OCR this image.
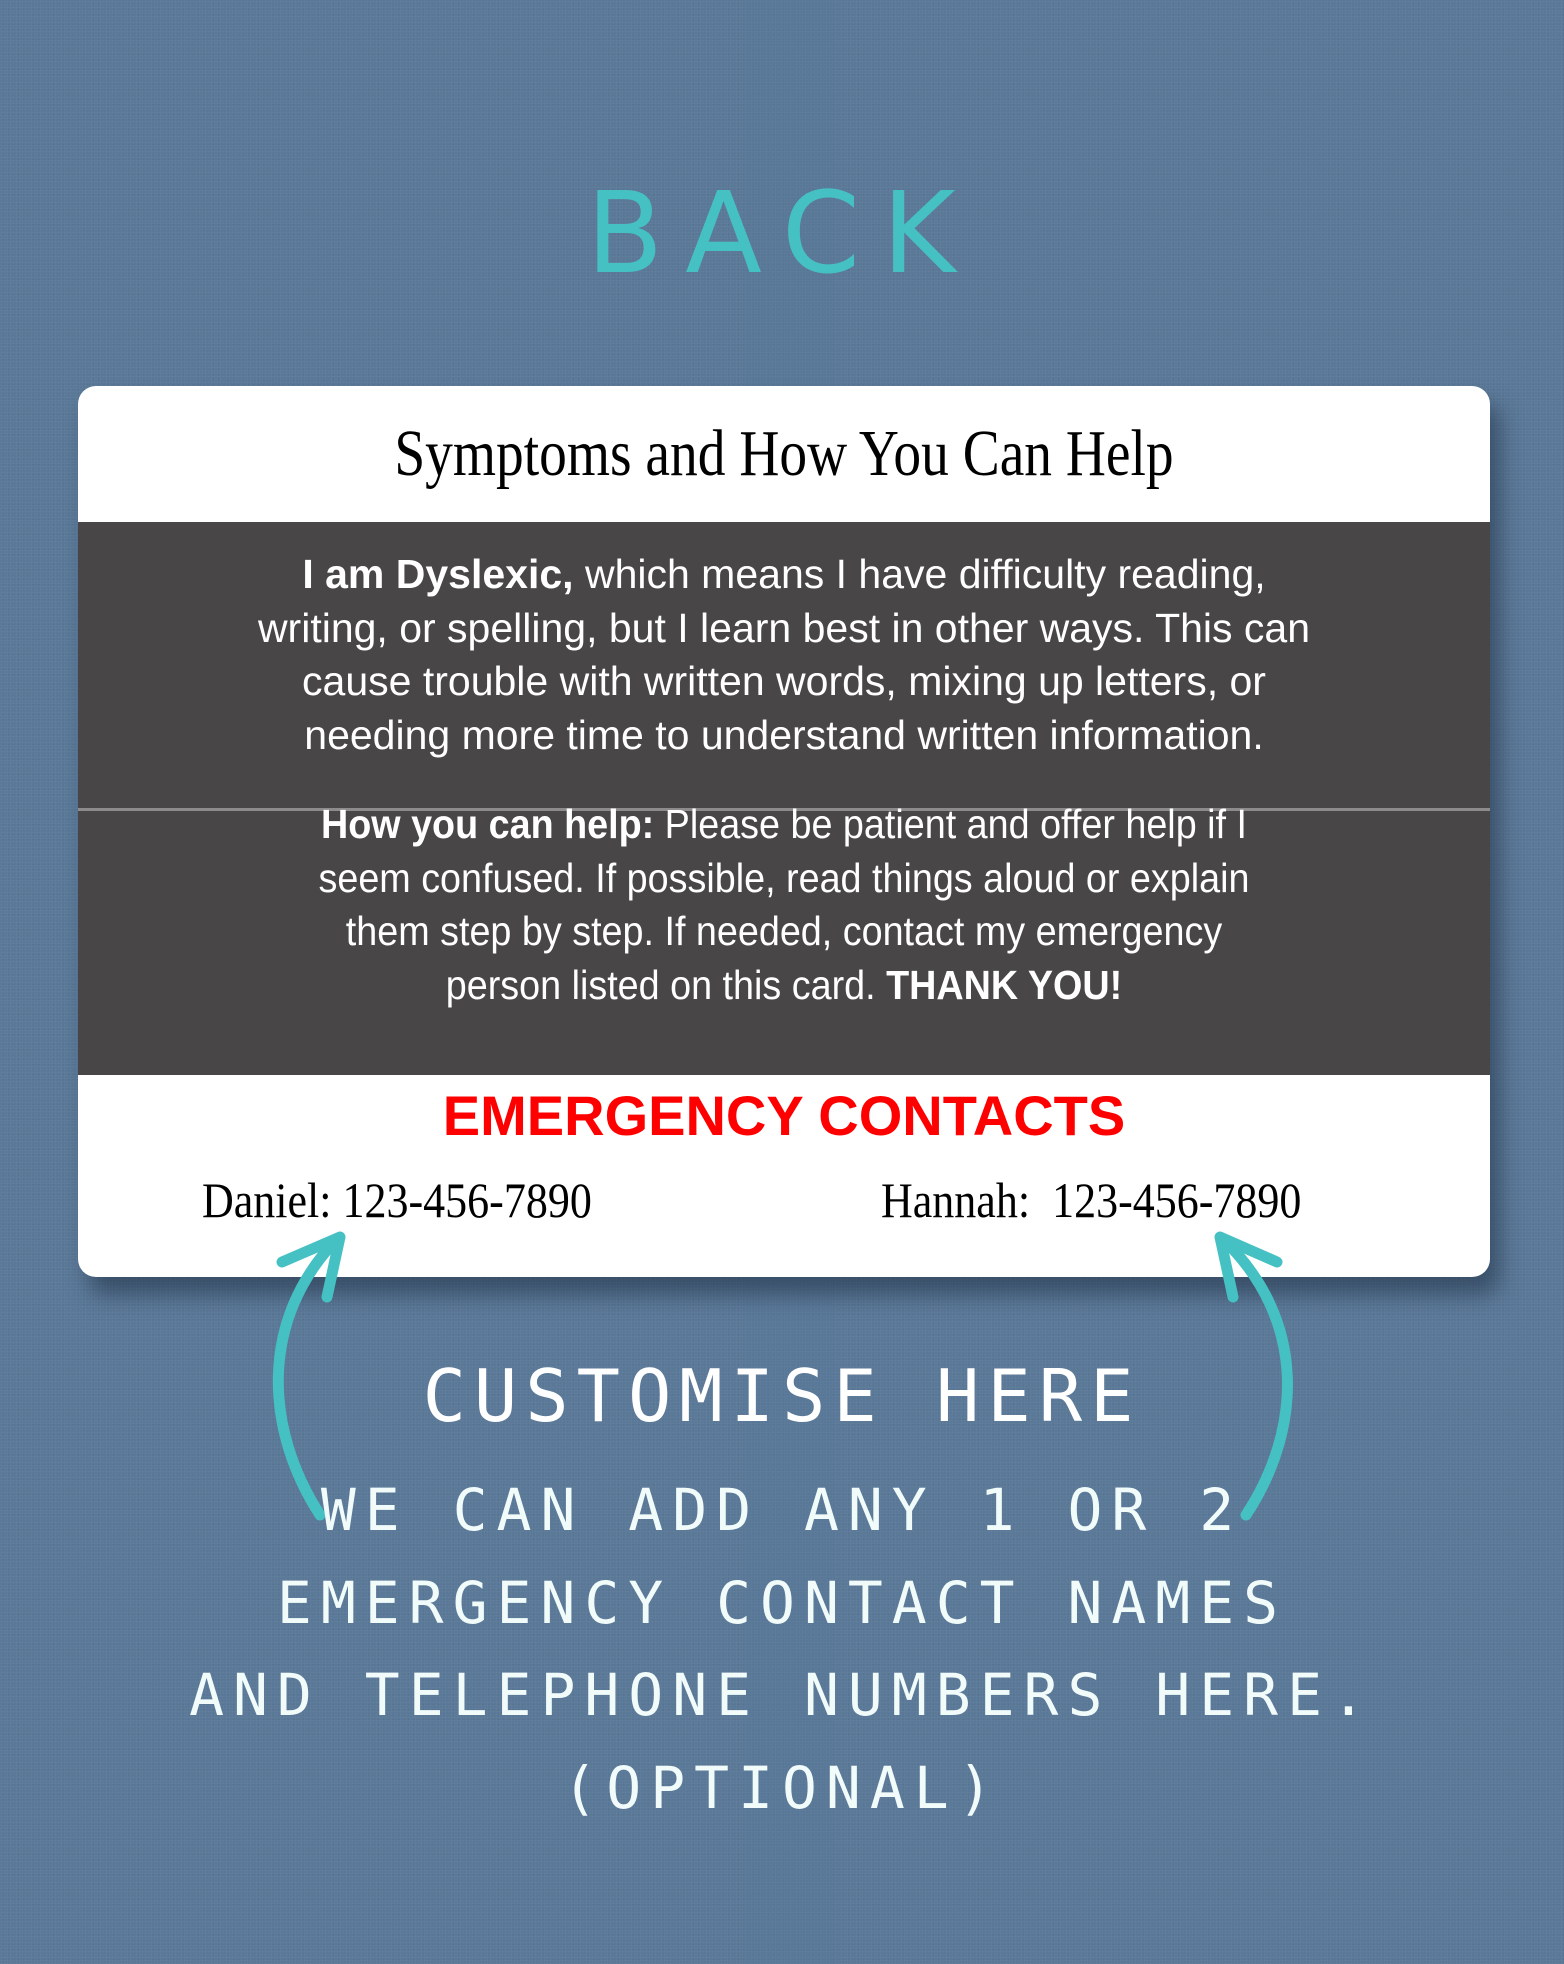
BACK
Symptoms and How You Can Help
I am Dyslexic, which means I have difficulty reading,
writing, or spelling, but I learn best in other ways. This can
cause trouble with written words, mixing up letters, or
needing more time to understand written information.
How you can help: Please be patient and offer help if I
seem confused. If possible, read things aloud or explain
them step by step. If needed, contact my emergency
person listed on this card. THANK YOU!
EMERGENCY CONTACTS
Daniel: 123-456-7890	Hannah: 123-456-7890
CUSTOMISE HERE
WE CAN ADD ANY 1 OR 2
EMERGENCY CONTACT NAMES
AND TELEPHONE NUMBERS HERE.
(OPTIONAL)
